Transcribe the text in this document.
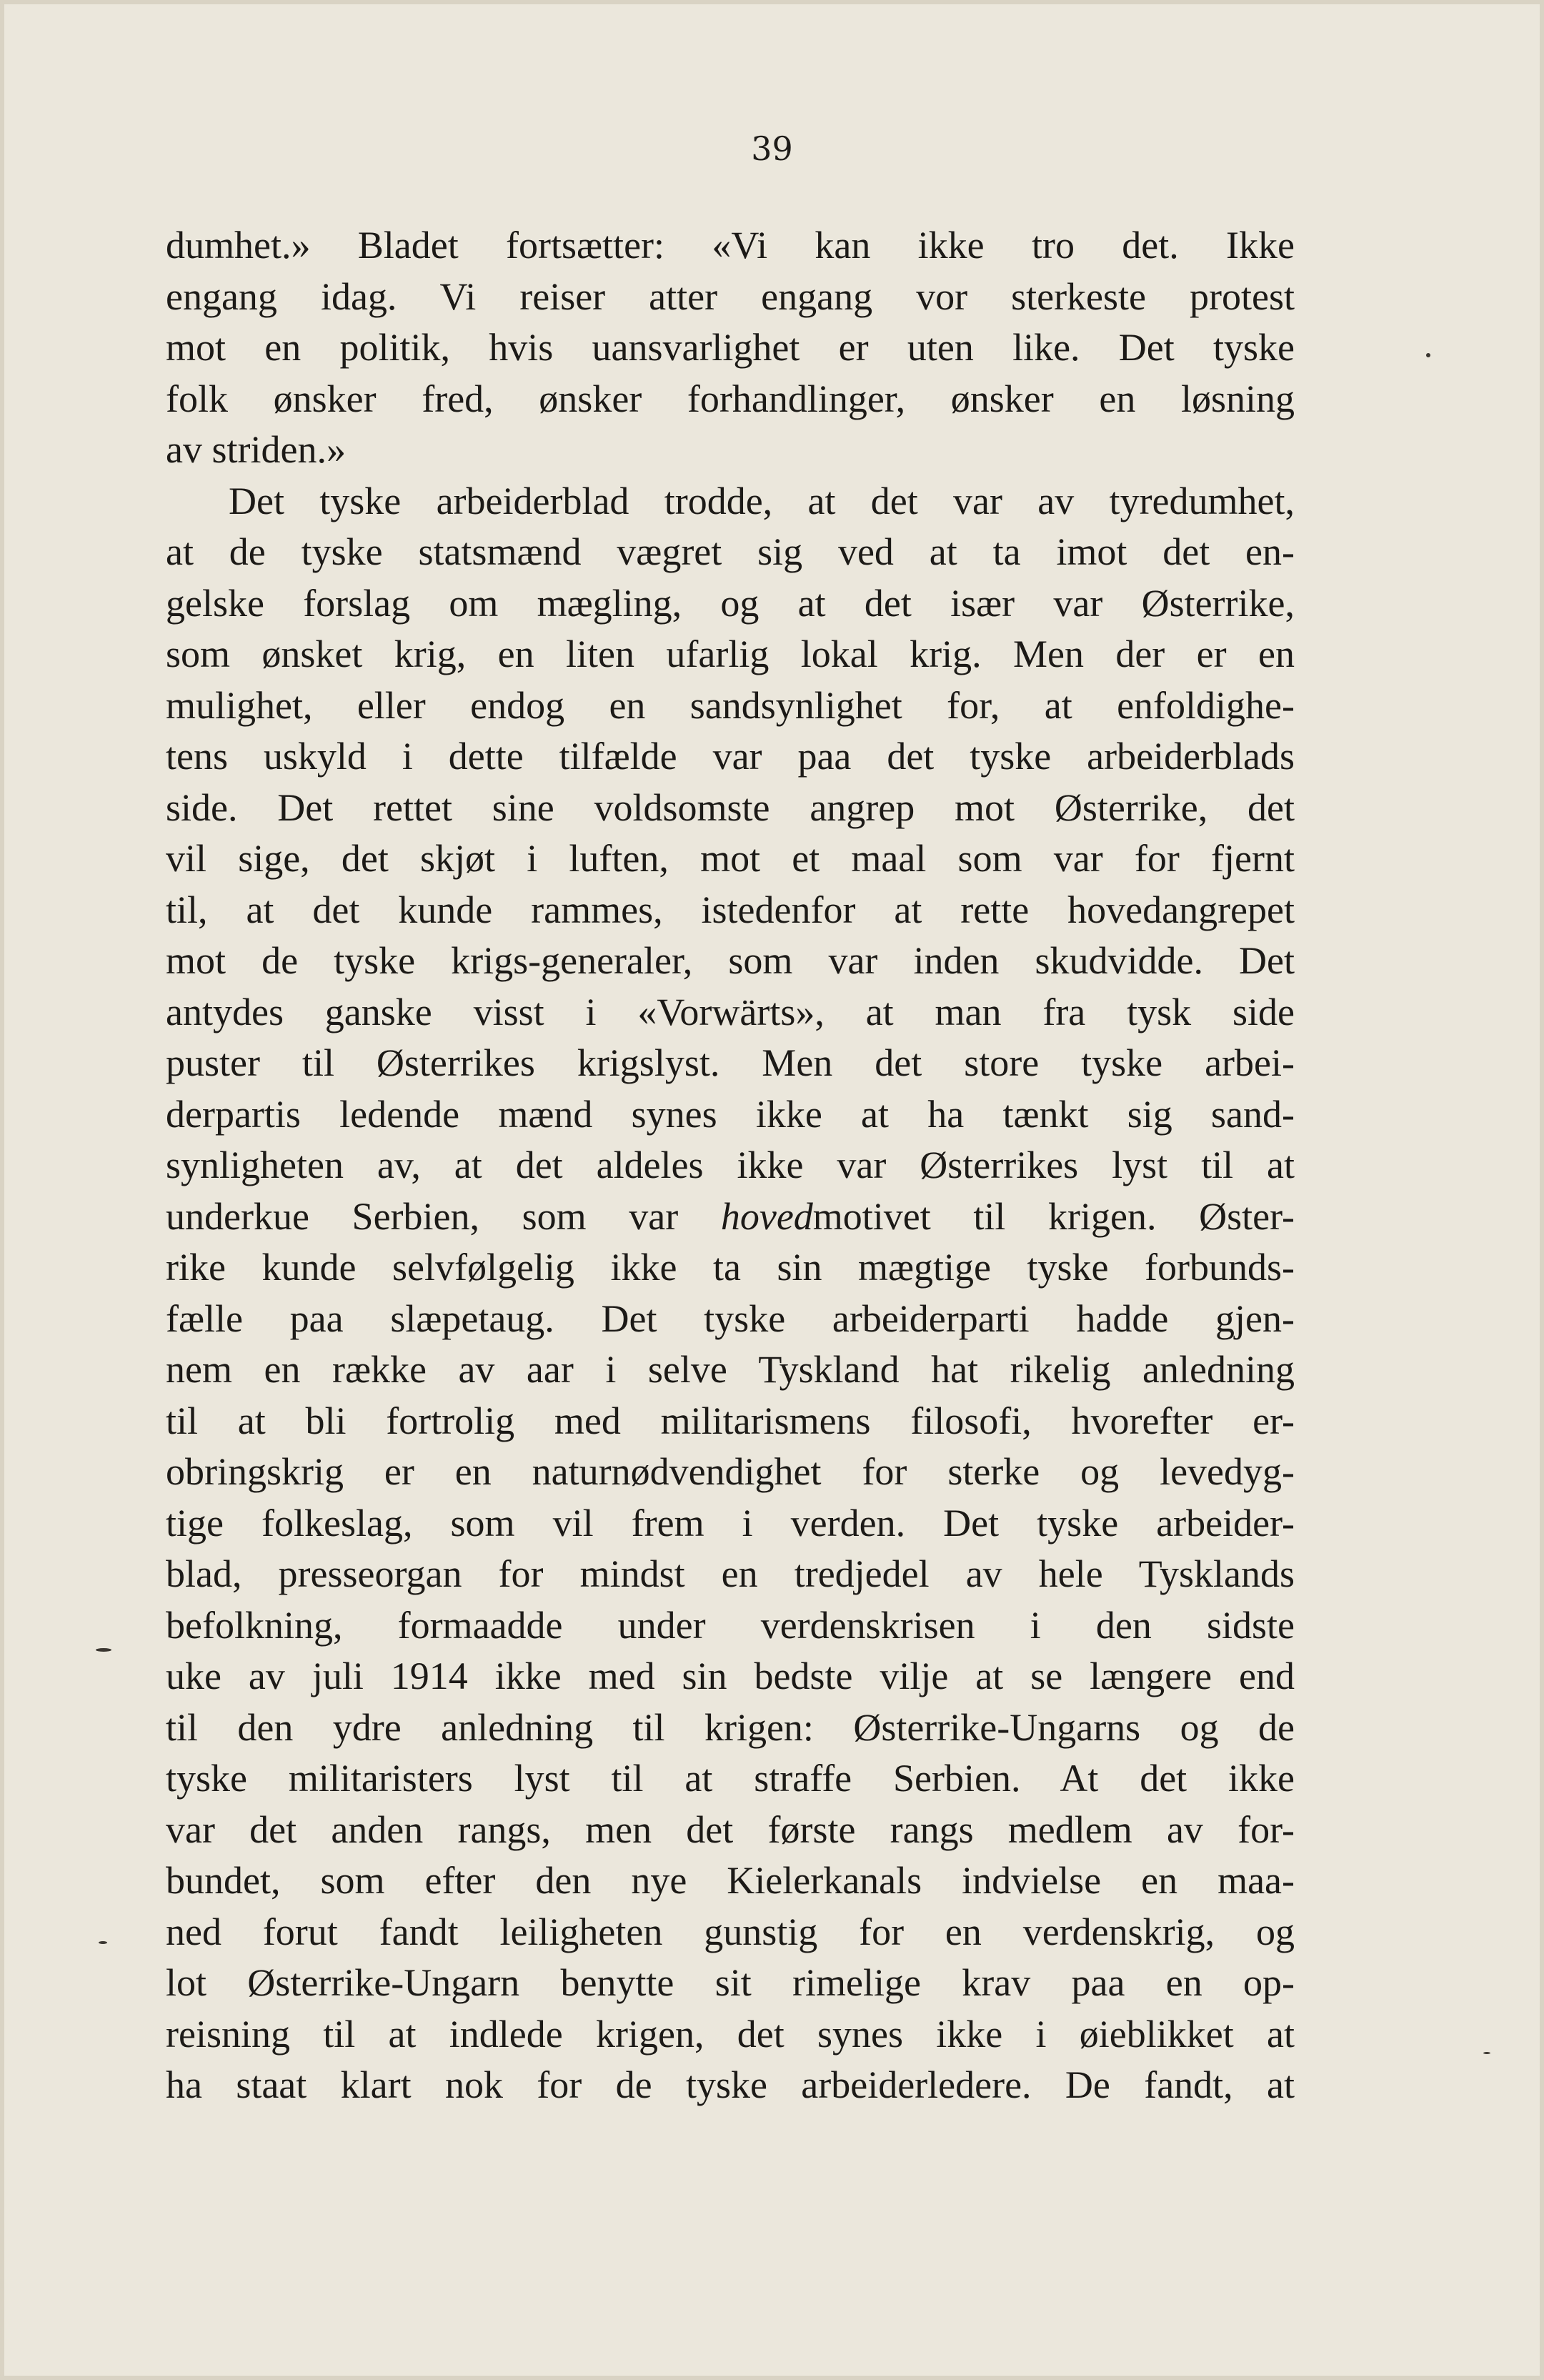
39

dumhet.» Bladet fortsætter: «Vi kan ikke tro det. Ikke
engang idag. Vi reiser atter engang vor sterkeste protest
mot en politik, hvis uansvarlighet er uten like. Det tyske
folk ønsker fred, ønsker forhandlinger, ønsker en løsning
av striden.»
Det tyske arbeiderblad trodde, at det var av tyredumhet,
at de tyske statsmænd vægret sig ved at ta imot det en-
gelske forslag om mægling, og at det især var Østerrike,
som ønsket krig, en liten ufarlig lokal krig. Men der er en
mulighet, eller endog en sandsynlighet for, at enfoldighe-
tens uskyld i dette tilfælde var paa det tyske arbeiderblads
side. Det rettet sine voldsomste angrep mot Østerrike, det
vil sige, det skjøt i luften, mot et maal som var for fjernt
til, at det kunde rammes, istedenfor at rette hovedangrepet
mot de tyske krigs-generaler, som var inden skudvidde. Det
antydes ganske visst i «Vorwärts», at man fra tysk side
puster til Østerrikes krigslyst. Men det store tyske arbei-
derpartis ledende mænd synes ikke at ha tænkt sig sand-
synligheten av, at det aldeles ikke var Østerrikes lyst til at
underkue Serbien, som var hovedmotivet til krigen. Øster-
rike kunde selvfølgelig ikke ta sin mægtige tyske forbunds-
fælle paa slæpetaug. Det tyske arbeiderparti hadde gjen-
nem en række av aar i selve Tyskland hat rikelig anledning
til at bli fortrolig med militarismens filosofi, hvorefter er-
obringskrig er en naturnødvendighet for sterke og levedyg-
tige folkeslag, som vil frem i verden. Det tyske arbeider-
blad, presseorgan for mindst en tredjedel av hele Tysklands
befolkning, formaadde under verdenskrisen i den sidste
uke av juli 1914 ikke med sin bedste vilje at se længere end
til den ydre anledning til krigen: Østerrike-Ungarns og de
tyske militaristers lyst til at straffe Serbien. At det ikke
var det anden rangs, men det første rangs medlem av for-
bundet, som efter den nye Kielerkanals indvielse en maa-
ned forut fandt leiligheten gunstig for en verdenskrig, og
lot Østerrike-Ungarn benytte sit rimelige krav paa en op-
reisning til at indlede krigen, det synes ikke i øieblikket at
ha staat klart nok for de tyske arbeiderledere. De fandt, at
